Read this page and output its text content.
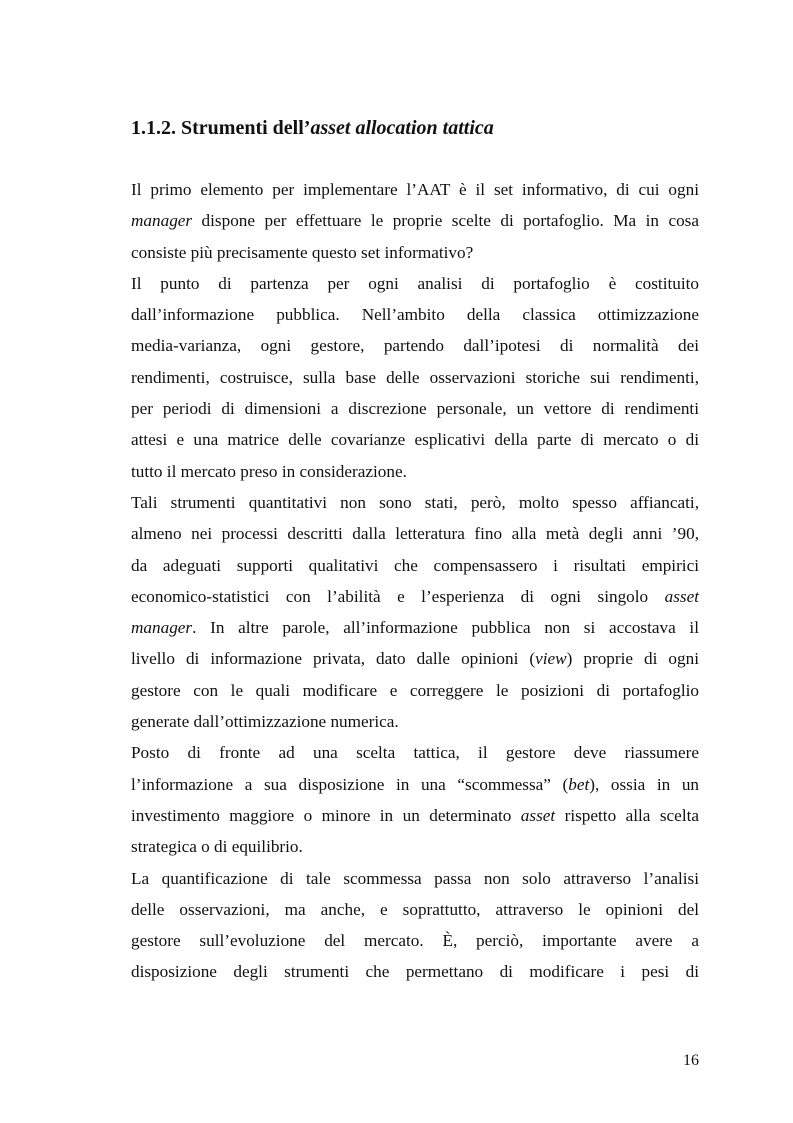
1.1.2. Strumenti dell’asset allocation tattica
Il primo elemento per implementare l’AAT è il set informativo, di cui ogni
manager dispone per effettuare le proprie scelte di portafoglio. Ma in cosa
consiste più precisamente questo set informativo?
Il punto di partenza per ogni analisi di portafoglio è costituito
dall’informazione pubblica. Nell’ambito della classica ottimizzazione
media-varianza, ogni gestore, partendo dall’ipotesi di normalità dei
rendimenti, costruisce, sulla base delle osservazioni storiche sui rendimenti,
per periodi di dimensioni a discrezione personale, un vettore di rendimenti
attesi e una matrice delle covarianze esplicativi della parte di mercato o di
tutto il mercato preso in considerazione.
Tali strumenti quantitativi non sono stati, però, molto spesso affiancati,
almeno nei processi descritti dalla letteratura fino alla metà degli anni ’90,
da adeguati supporti qualitativi che compensassero i risultati empirici
economico-statistici con l’abilità e l’esperienza di ogni singolo asset
manager. In altre parole, all’informazione pubblica non si accostava il
livello di informazione privata, dato dalle opinioni (view) proprie di ogni
gestore con le quali modificare e correggere le posizioni di portafoglio
generate dall’ottimizzazione numerica.
Posto di fronte ad una scelta tattica, il gestore deve riassumere
l’informazione a sua disposizione in una “scommessa” (bet), ossia in un
investimento maggiore o minore in un determinato asset rispetto alla scelta
strategica o di equilibrio.
La quantificazione di tale scommessa passa non solo attraverso l’analisi
delle osservazioni, ma anche, e soprattutto, attraverso le opinioni del
gestore sull’evoluzione del mercato. È, perciò, importante avere a
disposizione degli strumenti che permettano di modificare i pesi di
16
